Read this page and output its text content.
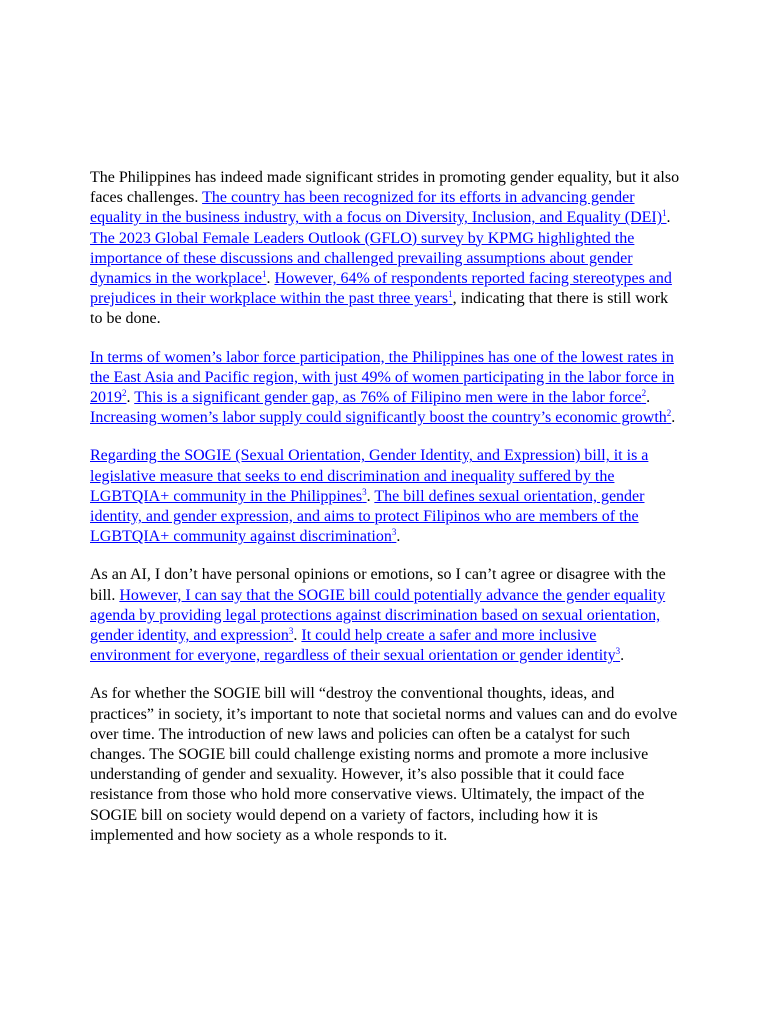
The Philippines has indeed made significant strides in promoting gender equality, but it also faces challenges. The country has been recognized for its efforts in advancing gender equality in the business industry, with a focus on Diversity, Inclusion, and Equality (DEI)$^1$. The 2023 Global Female Leaders Outlook (GFLO) survey by KPMG highlighted the importance of these discussions and challenged prevailing assumptions about gender dynamics in the workplace$^1$. However, 64% of respondents reported facing stereotypes and prejudices in their workplace within the past three years$^1$, indicating that there is still work to be done.

In terms of women’s labor force participation, the Philippines has one of the lowest rates in the East Asia and Pacific region, with just 49% of women participating in the labor force in 2019$^2$. This is a significant gender gap, as 76% of Filipino men were in the labor force$^2$. Increasing women’s labor supply could significantly boost the country’s economic growth$^2$.

Regarding the SOGIE (Sexual Orientation, Gender Identity, and Expression) bill, it is a legislative measure that seeks to end discrimination and inequality suffered by the LGBTQIA+ community in the Philippines$^3$. The bill defines sexual orientation, gender identity, and gender expression, and aims to protect Filipinos who are members of the LGBTQIA+ community against discrimination$^3$.

As an AI, I don’t have personal opinions or emotions, so I can’t agree or disagree with the bill. However, I can say that the SOGIE bill could potentially advance the gender equality agenda by providing legal protections against discrimination based on sexual orientation, gender identity, and expression$^3$. It could help create a safer and more inclusive environment for everyone, regardless of their sexual orientation or gender identity$^3$.

As for whether the SOGIE bill will “destroy the conventional thoughts, ideas, and practices” in society, it’s important to note that societal norms and values can and do evolve over time. The introduction of new laws and policies can often be a catalyst for such changes. The SOGIE bill could challenge existing norms and promote a more inclusive understanding of gender and sexuality. However, it’s also possible that it could face resistance from those who hold more conservative views. Ultimately, the impact of the SOGIE bill on society would depend on a variety of factors, including how it is implemented and how society as a whole responds to it.
